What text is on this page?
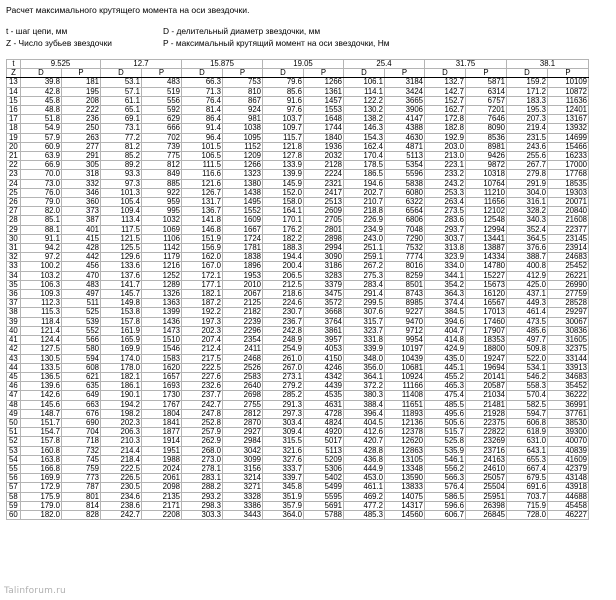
Расчет максимального крутящего момента на оси звездочки.
t - шаг цепи, мм
Z - Число зубьев звездочки
D - делительный диаметр звездочки, мм
P - максимальный крутящий момент на оси звездочки, Нм
t	9.525		12.7		15.875		19.05		25.4		31.75		38.1	
Z	D	P	D	P	D	P	D	P	D	P	D	P	D	P
13	39.8	181	53.1	483	66.3	753	79.6	1266	106.1	3184	132.7	5871	159.2	10109
14	42.8	195	57.1	519	71.3	810	85.6	1361	114.1	3424	142.7	6314	171.2	10872
15	45.8	208	61.1	556	76.4	867	91.6	1457	122.2	3665	152.7	6757	183.3	11636
16	48.8	222	65.1	592	81.4	924	97.6	1553	130.2	3906	162.7	7201	195.3	12401
17	51.8	236	69.1	629	86.4	981	103.7	1648	138.2	4147	172.8	7646	207.3	13167
18	54.9	250	73.1	666	91.4	1038	109.7	1744	146.3	4388	182.8	8090	219.4	13932
19	57.9	263	77.2	702	96.4	1095	115.7	1840	154.3	4630	192.9	8536	231.5	14699
20	60.9	277	81.2	739	101.5	1152	121.8	1936	162.4	4871	203.0	8981	243.6	15466
21	63.9	291	85.2	775	106.5	1209	127.8	2032	170.4	5113	213.0	9426	255.6	16233
22	66.9	305	89.2	812	111.5	1266	133.9	2128	178.5	5354	223.1	9872	267.7	17000
23	70.0	318	93.3	849	116.6	1323	139.9	2224	186.5	5596	233.2	10318	279.8	17768
24	73.0	332	97.3	885	121.6	1380	145.9	2321	194.6	5838	243.2	10764	291.9	18535
25	76.0	346	101.3	922	126.7	1438	152.0	2417	202.7	6080	253.3	11210	304.0	19303
26	79.0	360	105.4	959	131.7	1495	158.0	2513	210.7	6322	263.4	11656	316.1	20071
27	82.0	373	109.4	995	136.7	1552	164.1	2609	218.8	6564	273.5	12102	328.2	20840
28	85.1	387	113.4	1032	141.8	1609	170.1	2705	226.9	6806	283.6	12548	340.3	21608
29	88.1	401	117.5	1069	146.8	1667	176.2	2801	234.9	7048	293.7	12994	352.4	22377
30	91.1	415	121.5	1106	151.9	1724	182.2	2898	243.0	7290	303.7	13441	364.5	23145
31	94.2	428	125.5	1142	156.9	1781	188.3	2994	251.1	7532	313.8	13887	376.6	23914
32	97.2	442	129.6	1179	162.0	1838	194.4	3090	259.1	7774	323.9	14334	388.7	24683
33	100.2	456	133.6	1216	167.0	1896	200.4	3186	267.2	8016	334.0	14780	400.8	25452
34	103.2	470	137.6	1252	172.1	1953	206.5	3283	275.3	8259	344.1	15227	412.9	26221
35	106.3	483	141.7	1289	177.1	2010	212.5	3379	283.4	8501	354.2	15673	425.0	26990
36	109.3	497	145.7	1326	182.1	2067	218.6	3475	291.4	8743	364.3	16120	437.1	27759
37	112.3	511	149.8	1363	187.2	2125	224.6	3572	299.5	8985	374.4	16567	449.3	28528
38	115.3	525	153.8	1399	192.2	2182	230.7	3668	307.6	9227	384.5	17013	461.4	29297
39	118.4	539	157.8	1436	197.3	2239	236.7	3764	315.7	9470	394.6	17460	473.5	30067
40	121.4	552	161.9	1473	202.3	2296	242.8	3861	323.7	9712	404.7	17907	485.6	30836
41	124.4	566	165.9	1510	207.4	2354	248.9	3957	331.8	9954	414.8	18353	497.7	31605
42	127.5	580	169.9	1546	212.4	2411	254.9	4053	339.9	10197	424.9	18800	509.8	32375
43	130.5	594	174.0	1583	217.5	2468	261.0	4150	348.0	10439	435.0	19247	522.0	33144
44	133.5	608	178.0	1620	222.5	2526	267.0	4246	356.0	10681	445.1	19694	534.1	33913
45	136.5	621	182.1	1657	227.6	2583	273.1	4342	364.1	10924	455.2	20141	546.2	34683
46	139.6	635	186.1	1693	232.6	2640	279.2	4439	372.2	11166	465.3	20587	558.3	35452
47	142.6	649	190.1	1730	237.7	2698	285.2	4535	380.3	11408	475.4	21034	570.4	36222
48	145.6	663	194.2	1767	242.7	2755	291.3	4631	388.4	11651	485.5	21481	582.5	36991
49	148.7	676	198.2	1804	247.8	2812	297.3	4728	396.4	11893	495.6	21928	594.7	37761
50	151.7	690	202.3	1841	252.8	2870	303.4	4824	404.5	12136	505.6	22375	606.8	38530
51	154.7	704	206.3	1877	257.9	2927	309.4	4920	412.6	12378	515.7	22822	618.9	39300
52	157.8	718	210.3	1914	262.9	2984	315.5	5017	420.7	12620	525.8	23269	631.0	40070
53	160.8	732	214.4	1951	268.0	3042	321.6	5113	428.8	12863	535.9	23716	643.1	40839
54	163.8	745	218.4	1988	273.0	3099	327.6	5209	436.8	13105	546.1	24163	655.3	41609
55	166.8	759	222.5	2024	278.1	3156	333.7	5306	444.9	13348	556.2	24610	667.4	42379
56	169.9	773	226.5	2061	283.1	3214	339.7	5402	453.0	13590	566.3	25057	679.5	43148
57	172.9	787	230.5	2098	288.2	3271	345.8	5499	461.1	13833	576.4	25504	691.6	43918
58	175.9	801	234.6	2135	293.2	3328	351.9	5595	469.2	14075	586.5	25951	703.7	44688
59	179.0	814	238.6	2171	298.3	3386	357.9	5691	477.2	14317	596.6	26398	715.9	45458
60	182.0	828	242.7	2208	303.3	3443	364.0	5788	485.3	14560	606.7	26845	728.0	46227
Talinforum.ru
